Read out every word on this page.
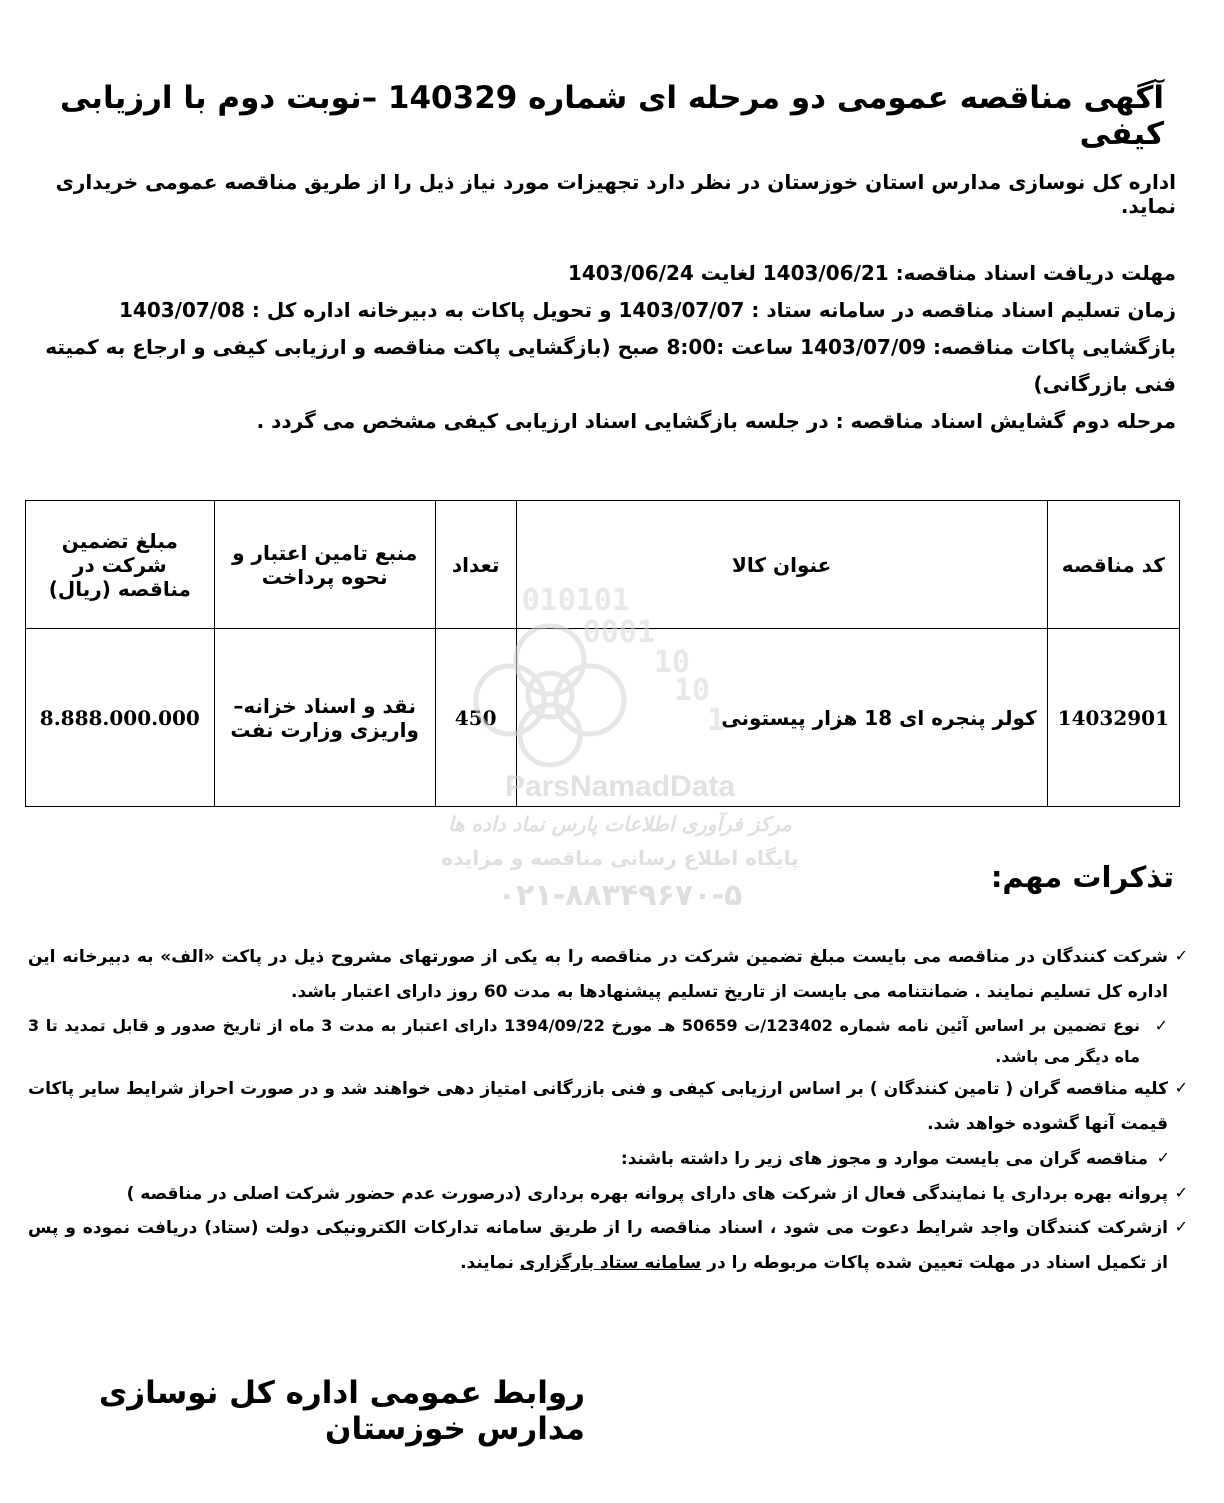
آگهی مناقصه عمومی دو مرحله ای شماره 140329 –نوبت دوم با ارزیابی کیفی
اداره کل نوسازی مدارس استان خوزستان در نظر دارد تجهیزات مورد نیاز ذیل را از طریق مناقصه عمومی خریداری نماید.

مهلت دریافت اسناد مناقصه: 1403/06/21 لغایت 1403/06/24

زمان تسلیم اسناد مناقصه در سامانه ستاد : 1403/07/07 و تحویل پاکات به دبیرخانه اداره کل : 1403/07/08

بازگشایی پاکات مناقصه: 1403/07/09 ساعت :8:00 صبح (بازگشایی پاکت مناقصه و ارزیابی کیفی و ارجاع به کمیته فنی بازرگانی)

مرحله دوم گشایش اسناد مناقصه : در جلسه بازگشایی اسناد ارزیابی کیفی مشخص می گردد .

کد مناقصه	عنوان کالا	تعداد	منبع تامین اعتبار و نحوه پرداخت	مبلغ تضمین شرکت در مناقصه (ریال)
14032901	کولر پنجره ای 18 هزار پیستونی	450	نقد و اسناد خزانه– واریزی وزارت نفت	8.888.000.000
010101
0001
10
10
1
ParsNamadData
مرکز فرآوری اطلاعات پارس نماد داده ها
پایگاه اطلاع رسانی مناقصه و مزایده
۰۲۱-۸۸۳۴۹۶۷۰-۵
تذکرات مهم:
✓
شرکت کنندگان در مناقصه می بایست مبلغ تضمین شرکت در مناقصه را به یکی از صورتهای مشروح ذیل در پاکت «الف» به دبیرخانه این اداره کل تسلیم نمایند . ضمانتنامه می بایست از تاریخ تسلیم پیشنهادها به مدت 60 روز دارای اعتبار باشد.
✓
نوع تضمین بر اساس آئین نامه شماره 123402/ت 50659 هـ مورخ 1394/09/22 دارای اعتبار به مدت 3 ماه از تاریخ صدور و قابل تمدید تا 3 ماه دیگر می باشد.
✓
کلیه مناقصه گران ( تامین کنندگان ) بر اساس ارزیابی کیفی و فنی بازرگانی امتیاز دهی خواهند شد و در صورت احراز شرایط سایر پاکات قیمت آنها گشوده خواهد شد.
✓
مناقصه گران می بایست موارد و مجوز های زیر را داشته باشند:
✓
پروانه بهره برداری یا نمایندگی فعال از شرکت های دارای پروانه بهره برداری (درصورت عدم حضور شرکت اصلی در مناقصه )
✓
ازشرکت کنندگان واجد شرایط دعوت می شود ، اسناد مناقصه را از طریق سامانه تدارکات الکترونیکی دولت (ستاد) دریافت نموده و پس از تکمیل اسناد در مهلت تعیین شده پاکات مربوطه را در سامانه ستاد بارگزاری نمایند.
روابط عمومی اداره کل نوسازی مدارس خوزستان
